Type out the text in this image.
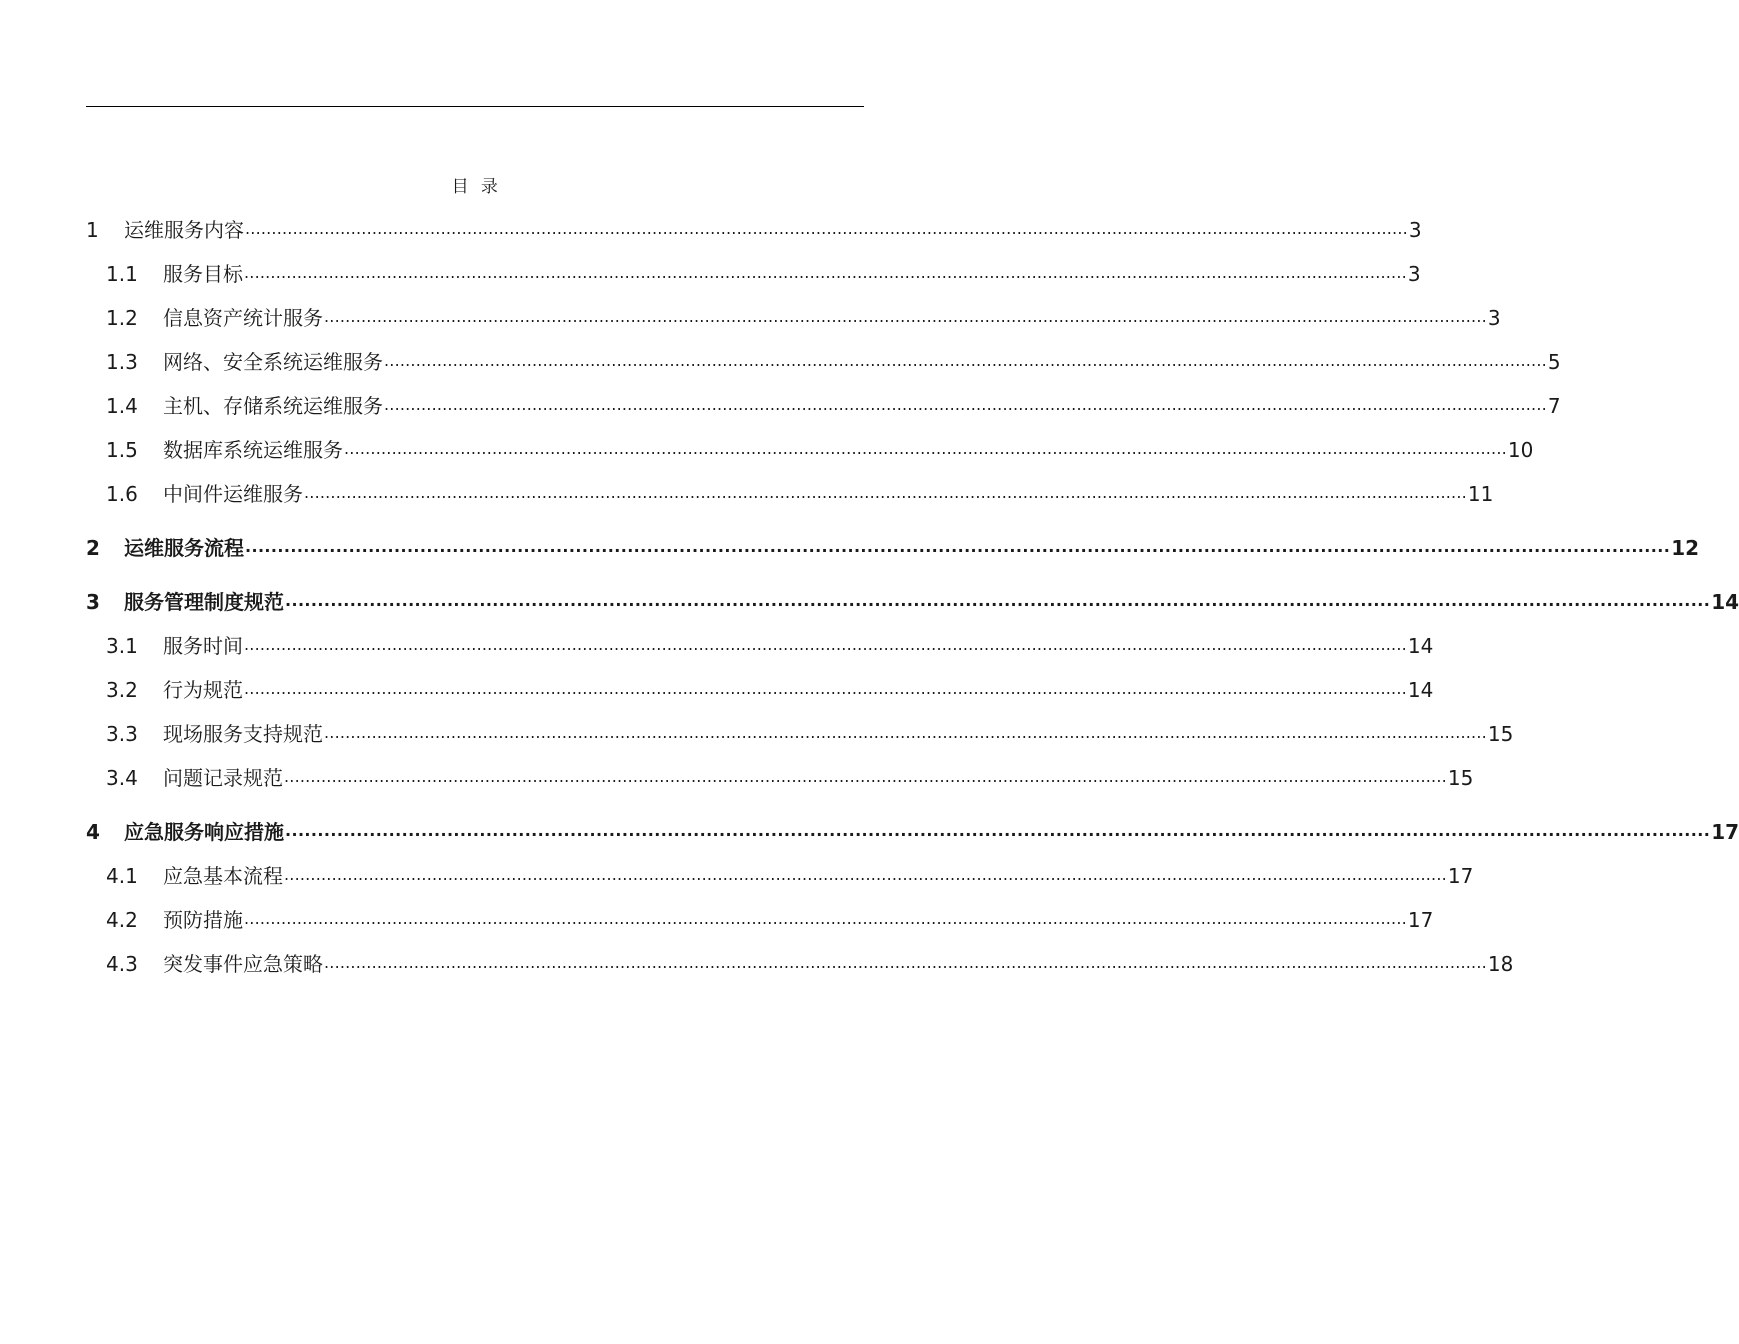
目  录
1	运维服务内容 ............................................................................................................................................................................................................................ 3
1.1	服务目标 ............................................................................................................................................................................................................................ 3
1.2	信息资产统计服务 ............................................................................................................................................................................................................................ 3
1.3	网络、安全系统运维服务 ............................................................................................................................................................................................................................ 5
1.4	主机、存储系统运维服务 ............................................................................................................................................................................................................................ 7
1.5	数据库系统运维服务 ............................................................................................................................................................................................................................ 10
1.6	中间件运维服务 ............................................................................................................................................................................................................................ 11
2	运维服务流程 ............................................................................................................................................................................................................................ 12
3	服务管理制度规范 ............................................................................................................................................................................................................................ 14
3.1	服务时间 ............................................................................................................................................................................................................................ 14
3.2	行为规范 ............................................................................................................................................................................................................................ 14
3.3	现场服务支持规范 ............................................................................................................................................................................................................................ 15
3.4	问题记录规范 ............................................................................................................................................................................................................................ 15
4	应急服务响应措施 ............................................................................................................................................................................................................................ 17
4.1	应急基本流程 ............................................................................................................................................................................................................................ 17
4.2	预防措施 ............................................................................................................................................................................................................................ 17
4.3	突发事件应急策略 ............................................................................................................................................................................................................................ 18
